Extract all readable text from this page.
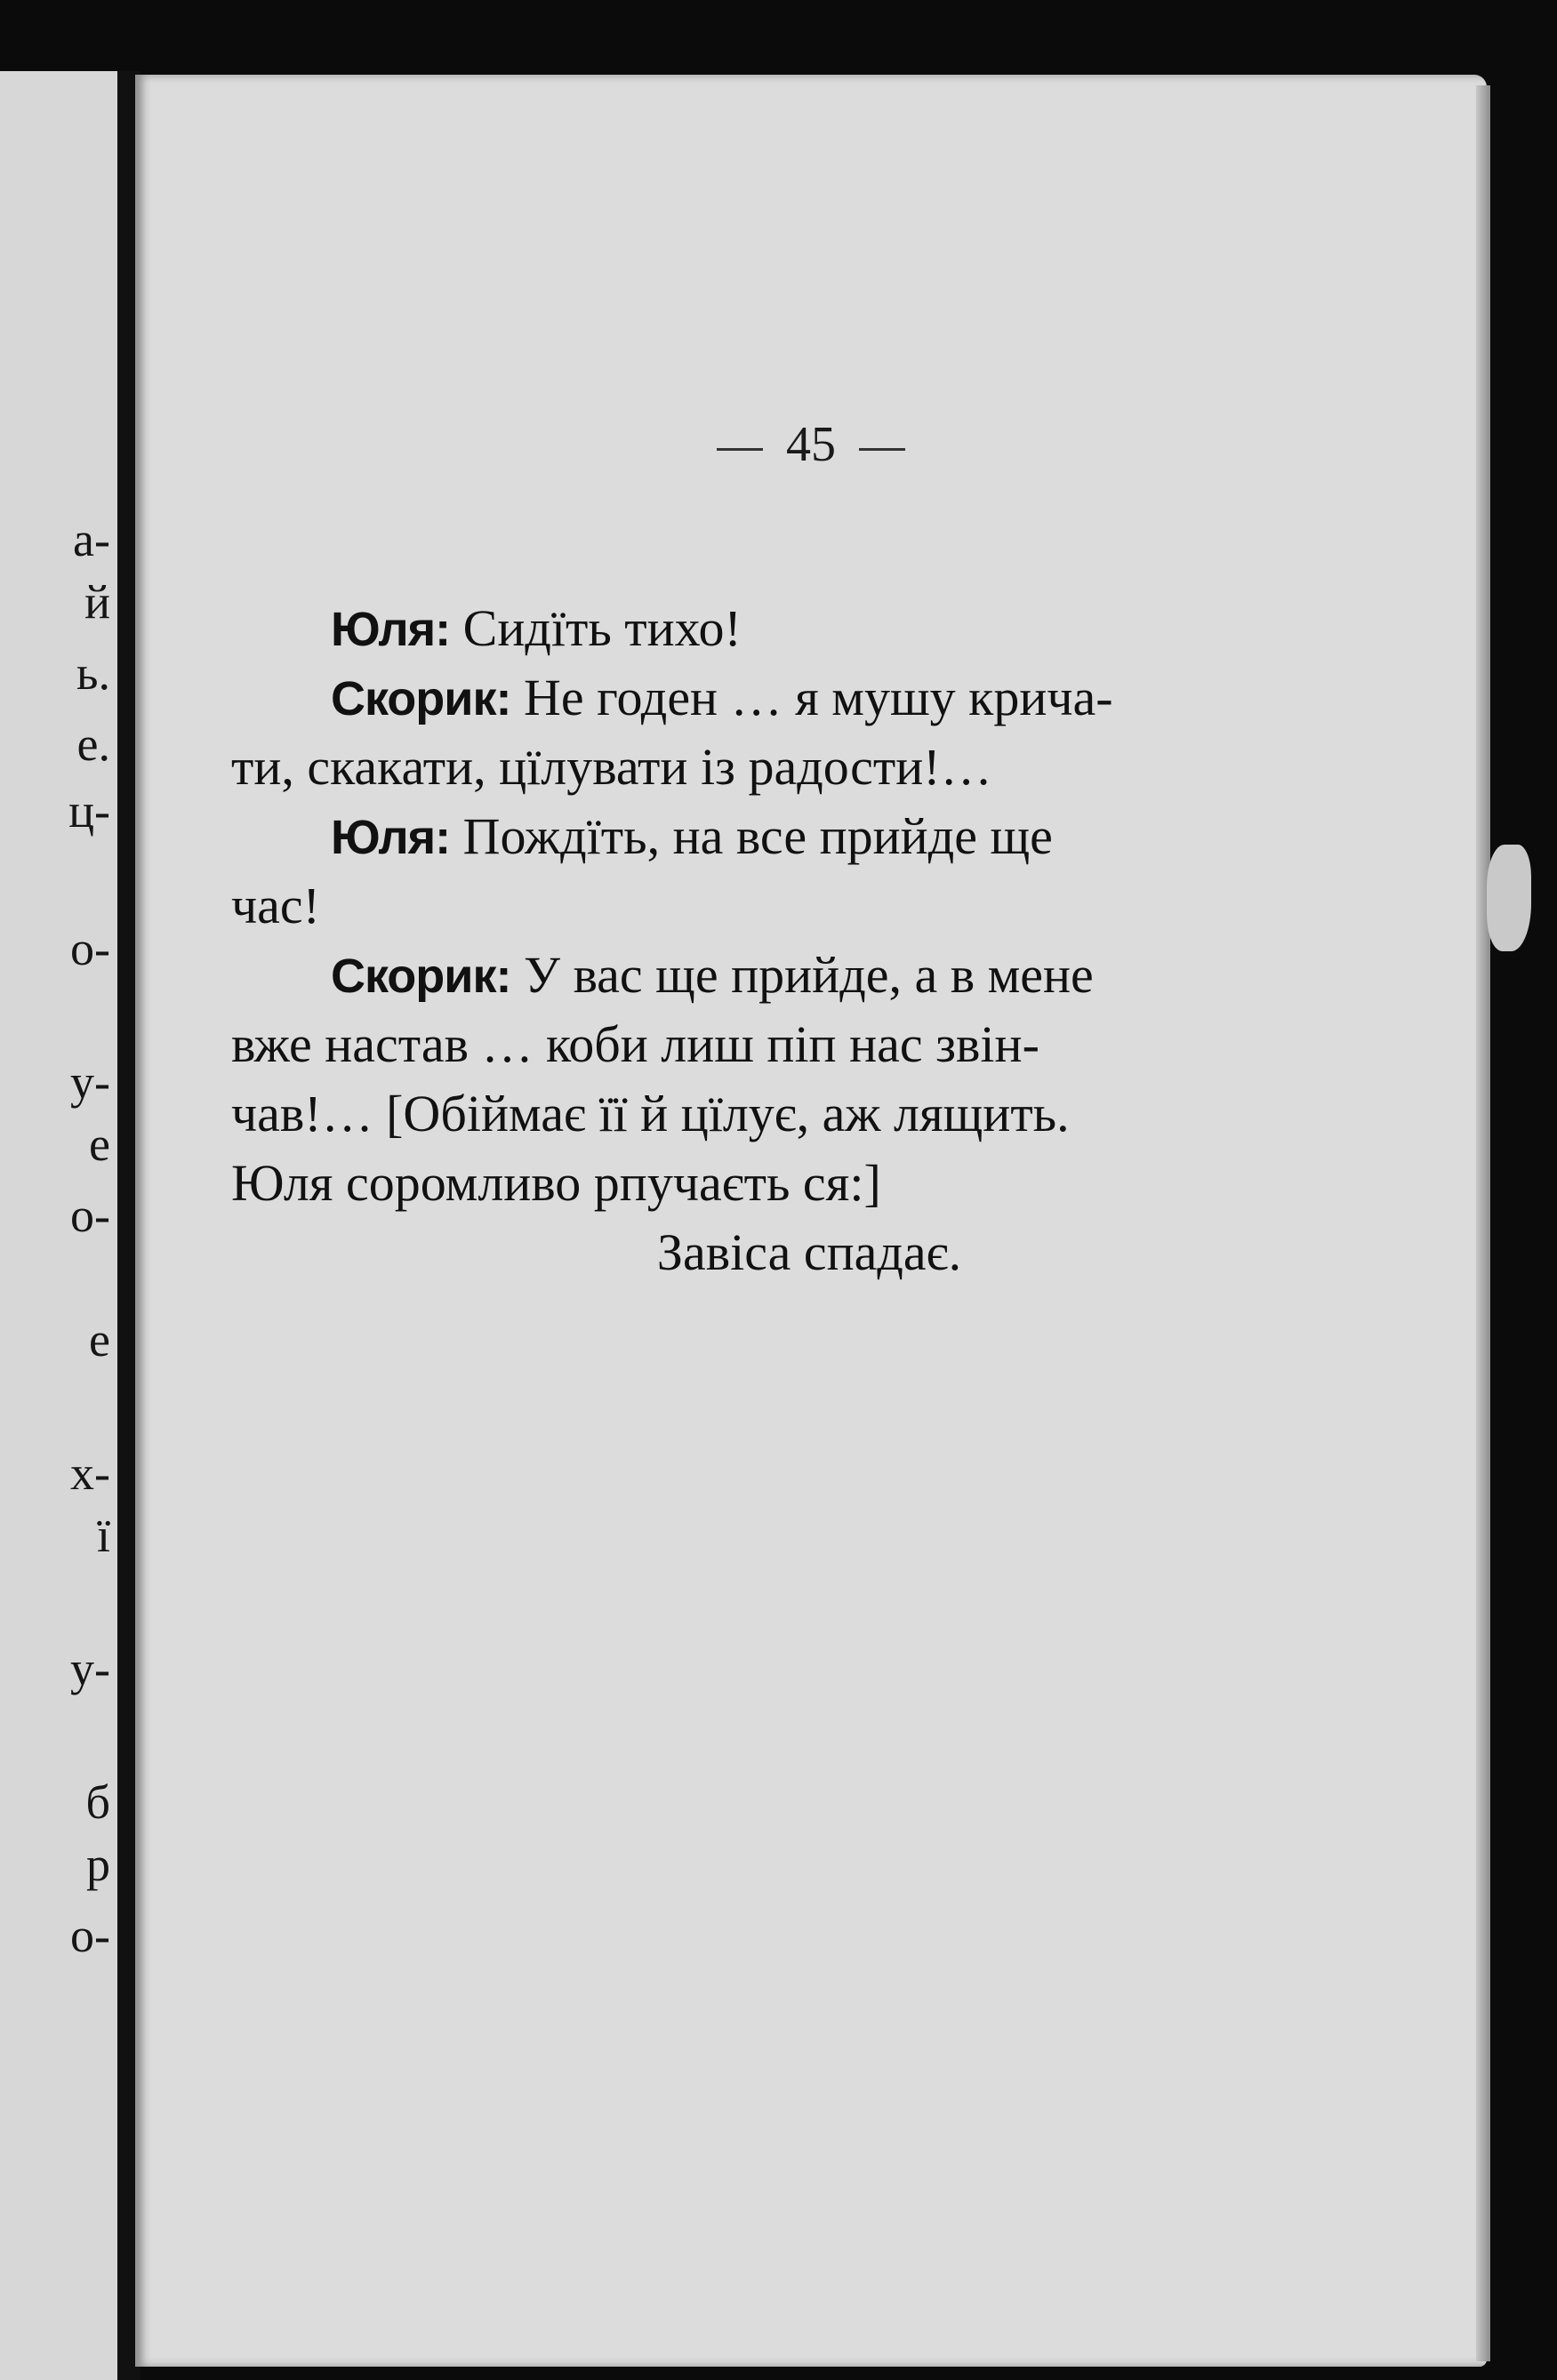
а-
й
ь.
е.
ц-
о-
у-
е
о-
е
х-
ї
у-
б
р
о-
45
Юля: Сидїть тихо!
Скорик: Не годен … я мушу крича-
ти, скакати, цїлувати із радости!…
Юля: Пождїть, на все прийде ще
час!
Скорик: У вас ще прийде, а в мене
вже настав … коби лиш піп нас звін-
чав!… [Обіймає її й цїлує, аж лящить.
Юля соромливо рпучаєть ся:]
Завіса спадає.
